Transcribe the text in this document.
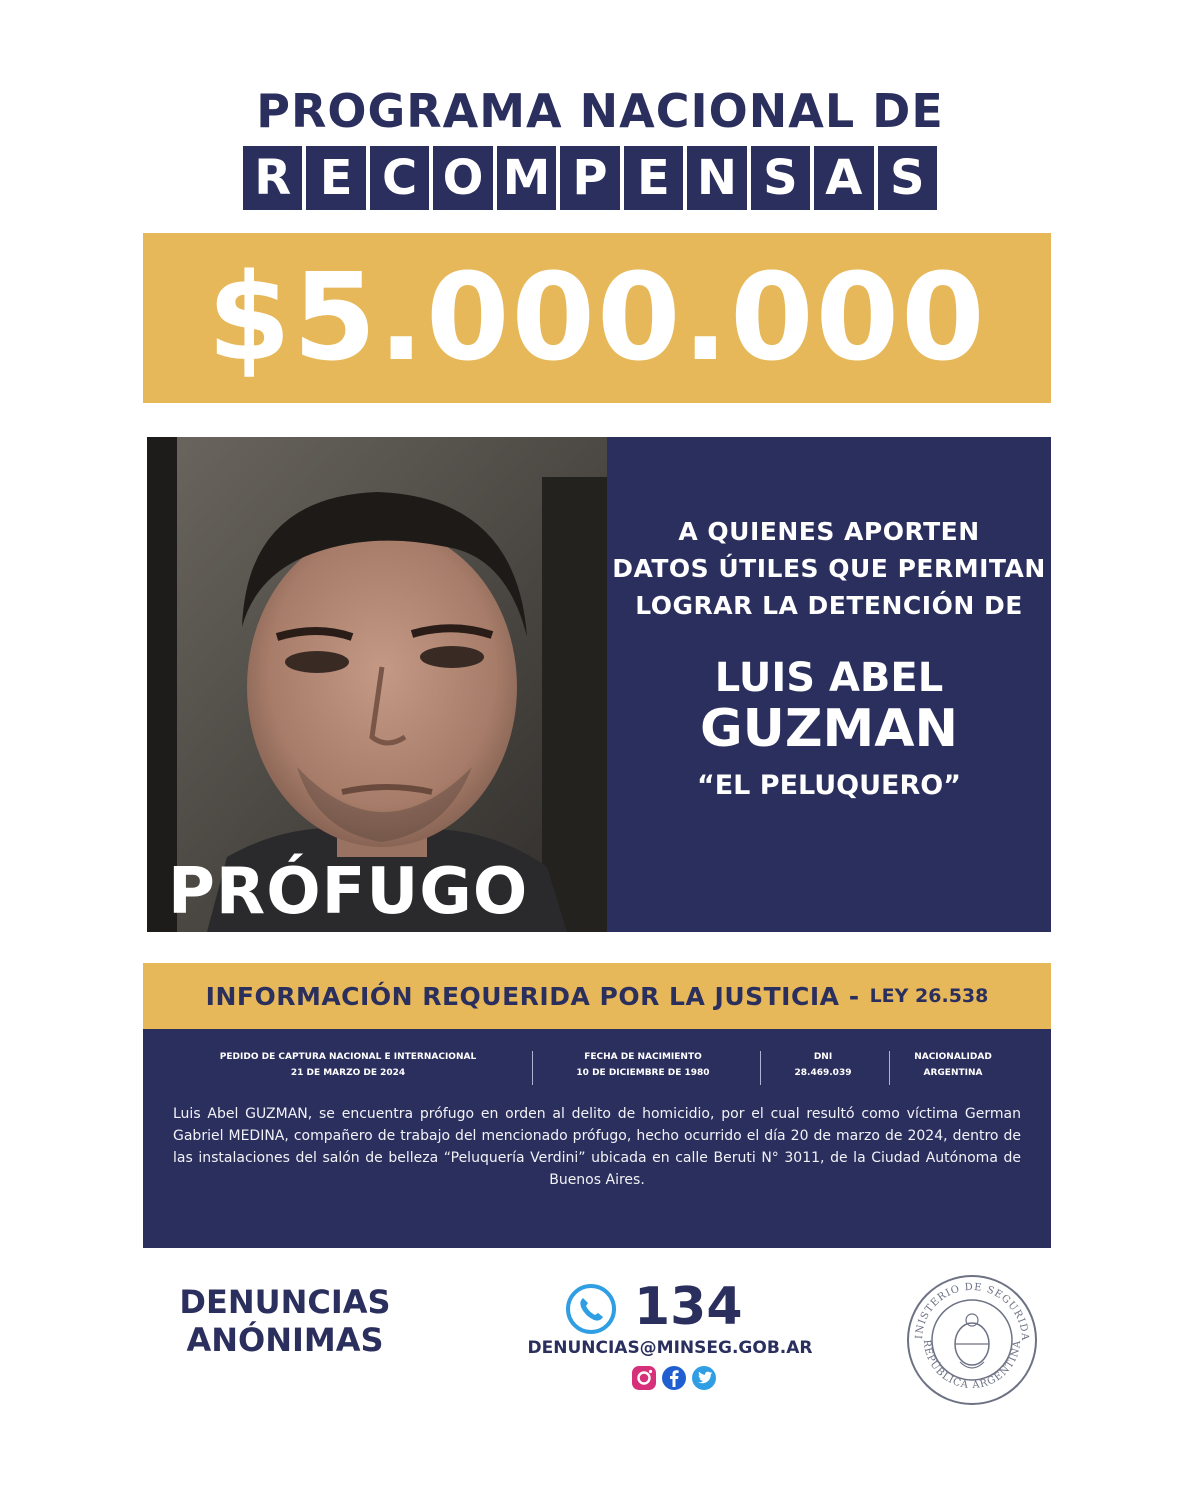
PROGRAMA NACIONAL DE
R E C O M P E N S A S
$5.000.000
PRÓFUGO
A QUIENES APORTEN
DATOS ÚTILES QUE PERMITAN
LOGRAR LA DETENCIÓN DE
LUIS ABEL
GUZMAN
“EL PELUQUERO”
INFORMACIÓN REQUERIDA POR LA JUSTICIA - LEY 26.538
PEDIDO DE CAPTURA NACIONAL E INTERNACIONAL
21 DE MARZO DE 2024
FECHA DE NACIMIENTO
10 DE DICIEMBRE DE 1980
DNI
28.469.039
NACIONALIDAD
ARGENTINA
Luis Abel GUZMAN, se encuentra prófugo en orden al delito de homicidio, por el cual resultó como víctima German Gabriel MEDINA, compañero de trabajo del mencionado prófugo, hecho ocurrido el día 20 de marzo de 2024, dentro de las instalaciones del salón de belleza “Peluquería Verdini” ubicada en calle Beruti N° 3011, de la Ciudad Autónoma de Buenos Aires.
DENUNCIAS
ANÓNIMAS
134
DENUNCIAS@MINSEG.GOB.AR
INISTERIO DE SEGURIDA
REPÚBLICA ARGENTINA
